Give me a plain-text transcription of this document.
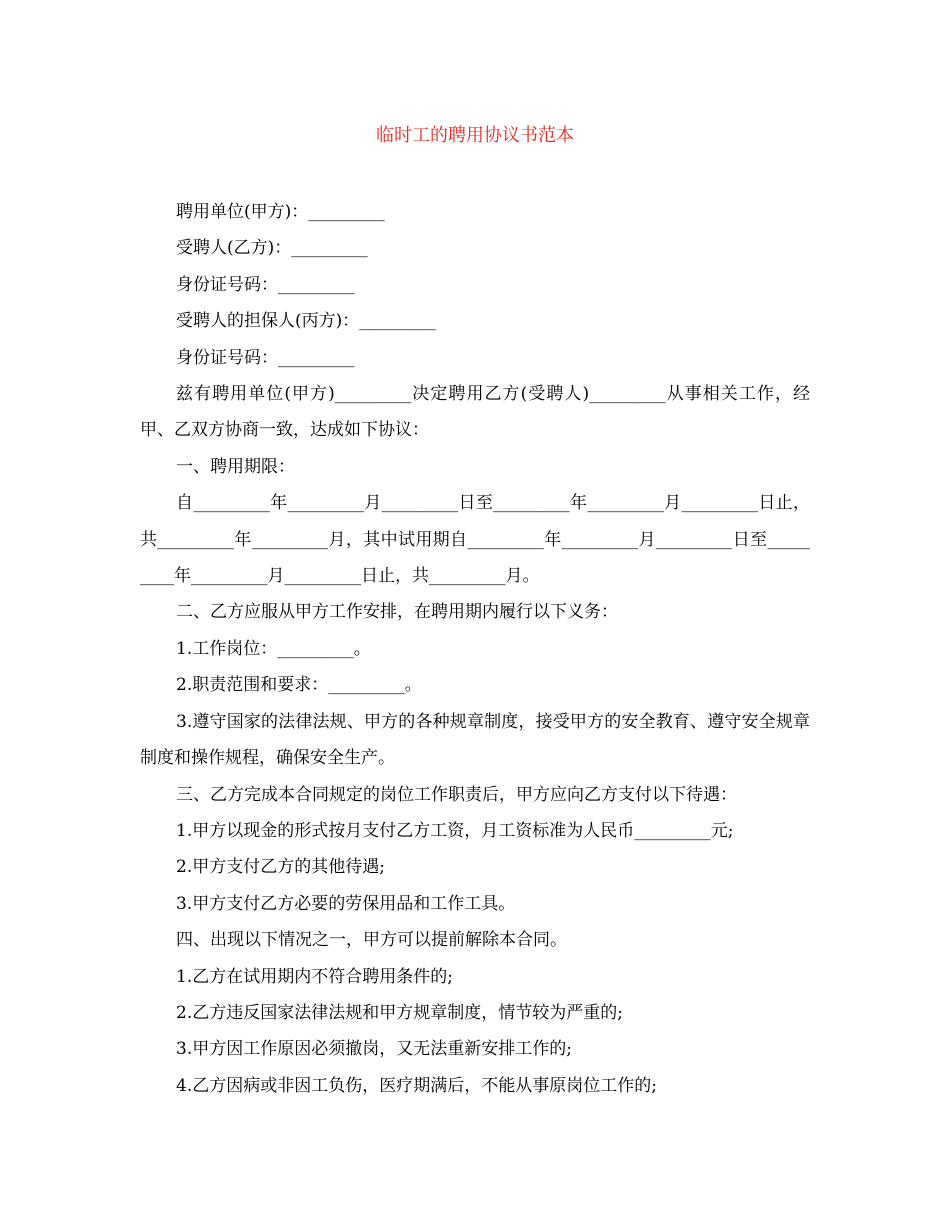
临时工的聘用协议书范本

聘用单位(甲方)：_________

受聘人(乙方)：_________

身份证号码：_________

受聘人的担保人(丙方)：_________

身份证号码：_________

兹有聘用单位(甲方)_________决定聘用乙方(受聘人)_________从事相关工作，经甲、乙双方协商一致，达成如下协议：

一、聘用期限：

自_________年_________月_________日至_________年_________月_________日止，共_________年_________月，其中试用期自_________年_________月_________日至_________年_________月_________日止，共_________月。

二、乙方应服从甲方工作安排，在聘用期内履行以下义务：

1.工作岗位：_________。

2.职责范围和要求：_________。

3.遵守国家的法律法规、甲方的各种规章制度，接受甲方的安全教育、遵守安全规章制度和操作规程，确保安全生产。

三、乙方完成本合同规定的岗位工作职责后，甲方应向乙方支付以下待遇：

1.甲方以现金的形式按月支付乙方工资，月工资标准为人民币_________元;

2.甲方支付乙方的其他待遇;

3.甲方支付乙方必要的劳保用品和工作工具。

四、出现以下情况之一，甲方可以提前解除本合同。

1.乙方在试用期内不符合聘用条件的;

2.乙方违反国家法律法规和甲方规章制度，情节较为严重的;

3.甲方因工作原因必须撤岗，又无法重新安排工作的;

4.乙方因病或非因工负伤，医疗期满后，不能从事原岗位工作的;
